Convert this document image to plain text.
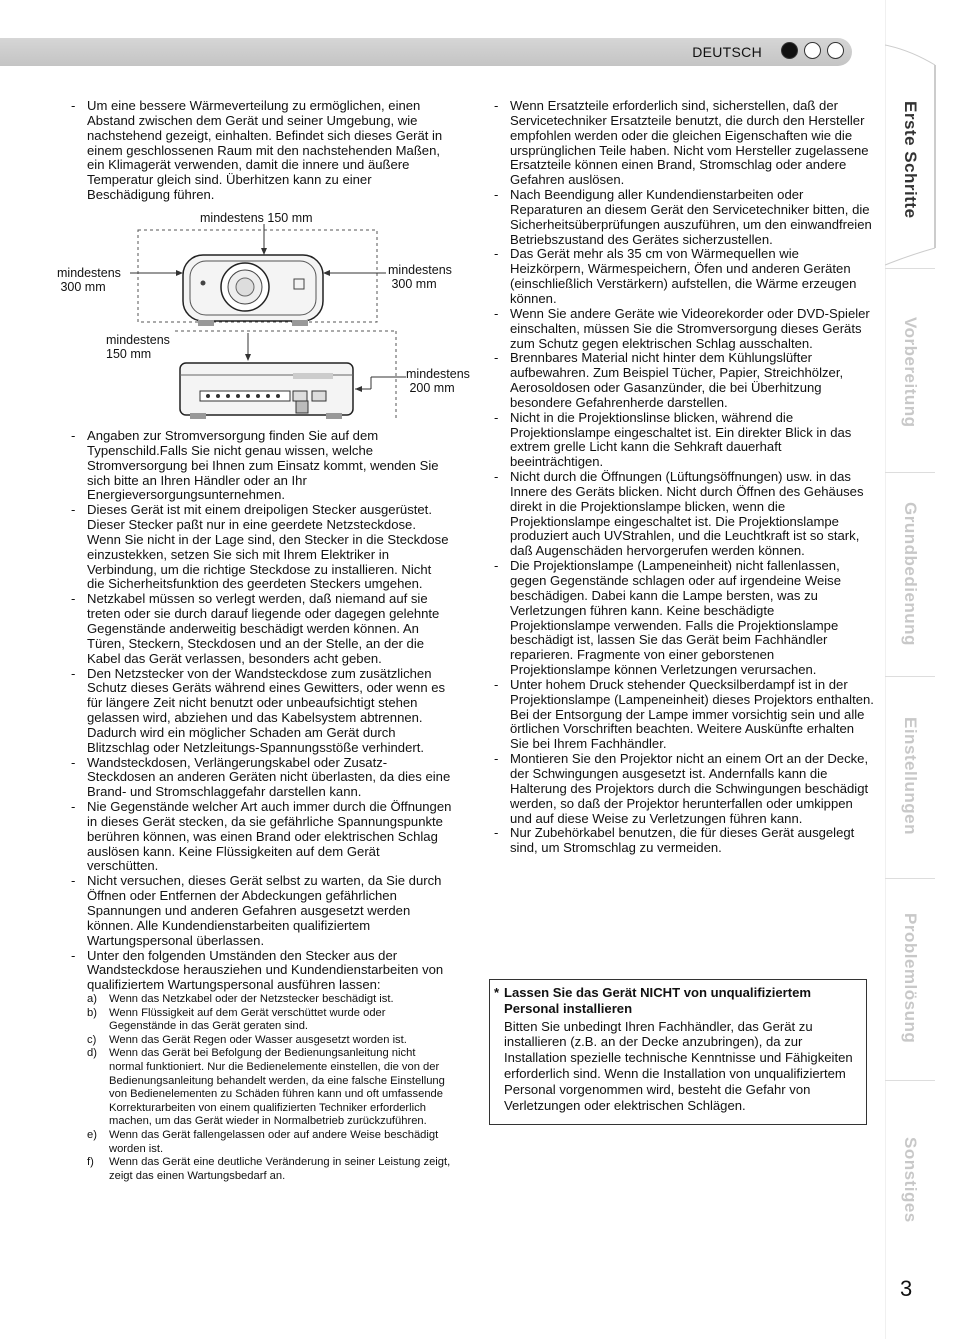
DEUTSCH
- Um eine bessere Wärmeverteilung zu ermöglichen, einen Abstand zwischen dem Gerät und seiner Umgebung, wie nachstehend gezeigt, einhalten. Befindet sich dieses Gerät in einem geschlossenen Raum mit den nachstehenden Maßen, ein Klimagerät verwenden, damit die innere und äußere Temperatur gleich sind. Überhitzen kann zu einer Beschädigung führen.
mindestens 150 mm
mindestens
300 mm
mindestens
300 mm
mindestens
150 mm
mindestens
200 mm
- Angaben zur Stromversorgung finden Sie auf dem Typenschild.Falls Sie nicht genau wissen, welche Stromversorgung bei Ihnen zum Einsatz kommt, wenden Sie sich bitte an Ihren Händler oder an Ihr Energieversorgungsunternehmen.
- Dieses Gerät ist mit einem dreipoligen Stecker ausgerüstet. Dieser Stecker paßt nur in eine geerdete Netzsteckdose. Wenn Sie nicht in der Lage sind, den Stecker in die Steckdose einzustekken, setzen Sie sich mit Ihrem Elektriker in Verbindung, um die richtige Steckdose zu installieren. Nicht die Sicherheitsfunktion des geerdeten Steckers umgehen.
- Netzkabel müssen so verlegt werden, daß niemand auf sie treten oder sie durch darauf liegende oder dagegen gelehnte Gegenstände anderweitig beschädigt werden können. An Türen, Steckern, Steckdosen und an der Stelle, an der die Kabel das Gerät verlassen, besonders acht geben.
- Den Netzstecker von der Wandsteckdose zum zusätzlichen Schutz dieses Geräts während eines Gewitters, oder wenn es für längere Zeit nicht benutzt oder unbeaufsichtigt stehen gelassen wird, abziehen und das Kabelsystem abtrennen. Dadurch wird ein möglicher Schaden am Gerät durch Blitzschlag oder Netzleitungs-Spannungsstöße verhindert.
- Wandsteckdosen, Verlängerungskabel oder Zusatz-Steckdosen an anderen Geräten nicht überlasten, da dies eine Brand- und Stromschlaggefahr darstellen kann.
- Nie Gegenstände welcher Art auch immer durch die Öffnungen in dieses Gerät stecken, da sie gefährliche Spannungspunkte berühren können, was einen Brand oder elektrischen Schlag auslösen kann. Keine Flüssigkeiten auf dem Gerät verschütten.
- Nicht versuchen, dieses Gerät selbst zu warten, da Sie durch Öffnen oder Entfernen der Abdeckungen gefährlichen Spannungen und anderen Gefahren ausgesetzt werden können. Alle Kundendienstarbeiten qualifiziertem Wartungspersonal überlassen.
- Unter den folgenden Umständen den Stecker aus der Wandsteckdose herausziehen und Kundendienstarbeiten von qualifiziertem Wartungspersonal ausführen lassen:
a) Wenn das Netzkabel oder der Netzstecker beschädigt ist.
b) Wenn Flüssigkeit auf dem Gerät verschüttet wurde oder Gegenstände in das Gerät geraten sind.
c) Wenn das Gerät Regen oder Wasser ausgesetzt worden ist.
d) Wenn das Gerät bei Befolgung der Bedienungsanleitung nicht normal funktioniert. Nur die Bedienelemente einstellen, die von der Bedienungsanleitung behandelt werden, da eine falsche Einstellung von Bedienelementen zu Schäden führen kann und oft umfassende Korrekturarbeiten von einem qualifizierten Techniker erforderlich machen, um das Gerät wieder in Normalbetrieb zurückzuführen.
e) Wenn das Gerät fallengelassen oder auf andere Weise beschädigt worden ist.
f) Wenn das Gerät eine deutliche Veränderung in seiner Leistung zeigt, zeigt das einen Wartungsbedarf an.
- Wenn Ersatzteile erforderlich sind, sicherstellen, daß der Servicetechniker Ersatzteile benutzt, die durch den Hersteller empfohlen werden oder die gleichen Eigenschaften wie die ursprünglichen Teile haben. Nicht vom Hersteller zugelassene Ersatzteile können einen Brand, Stromschlag oder andere Gefahren auslösen.
- Nach Beendigung aller Kundendienstarbeiten oder Reparaturen an diesem Gerät den Servicetechniker bitten, die Sicherheitsüberprüfungen auszuführen, um den einwandfreien Betriebszustand des Gerätes sicherzustellen.
- Das Gerät mehr als 35 cm von Wärmequellen wie Heizkörpern, Wärmespeichern, Öfen und anderen Geräten (einschließlich Verstärkern) aufstellen, die Wärme erzeugen können.
- Wenn Sie andere Geräte wie Videorekorder oder DVD-Spieler einschalten, müssen Sie die Stromversorgung dieses Geräts zum Schutz gegen elektrischen Schlag ausschalten.
- Brennbares Material nicht hinter dem Kühlungslüfter aufbewahren. Zum Beispiel Tücher, Papier, Streichhölzer, Aerosoldosen oder Gasanzünder, die bei Überhitzung besondere Gefahrenherde darstellen.
- Nicht in die Projektionslinse blicken, während die Projektionslampe eingeschaltet ist. Ein direkter Blick in das extrem grelle Licht kann die Sehkraft dauerhaft beeinträchtigen.
- Nicht durch die Öffnungen (Lüftungsöffnungen) usw. in das Innere des Geräts blicken. Nicht durch Öffnen des Gehäuses direkt in die Projektionslampe blicken, wenn die Projektionslampe eingeschaltet ist. Die Projektionslampe produziert auch UVStrahlen, und die Leuchtkraft ist so stark, daß Augenschäden hervorgerufen werden können.
- Die Projektionslampe (Lampeneinheit) nicht fallenlassen, gegen Gegenstände schlagen oder auf irgendeine Weise beschädigen. Dabei kann die Lampe bersten, was zu Verletzungen führen kann. Keine beschädigte Projektionslampe verwenden. Falls die Projektionslampe beschädigt ist, lassen Sie das Gerät beim Fachhändler reparieren. Fragmente von einer geborstenen Projektionslampe können Verletzungen verursachen.
- Unter hohem Druck stehender Quecksilberdampf ist in der Projektionslampe (Lampeneinheit) dieses Projektors enthalten. Bei der Entsorgung der Lampe immer vorsichtig sein und alle örtlichen Vorschriften beachten. Weitere Auskünfte erhalten Sie bei Ihrem Fachhändler.
- Montieren Sie den Projektor nicht an einem Ort an der Decke, der Schwingungen ausgesetzt ist. Andernfalls kann die Halterung des Projektors durch die Schwingungen beschädigt werden, so daß der Projektor herunterfallen oder umkippen und auf diese Weise zu Verletzungen führen kann.
- Nur Zubehörkabel benutzen, die für dieses Gerät ausgelegt sind, um Stromschlag zu vermeiden.
* Lassen Sie das Gerät NICHT von unqualifiziertem Personal installieren
Bitten Sie unbedingt Ihren Fachhändler, das Gerät zu installieren (z.B. an der Decke anzubringen), da zur Installation spezielle technische Kenntnisse und Fähigkeiten erforderlich sind. Wenn die Installation von unqualifiziertem Personal vorgenommen wird, besteht die Gefahr von Verletzungen oder elektrischen Schlägen.
Erste Schritte
Vorbereitung
Grundbedienung
Einstellungen
Problemlösung
Sonstiges
3
